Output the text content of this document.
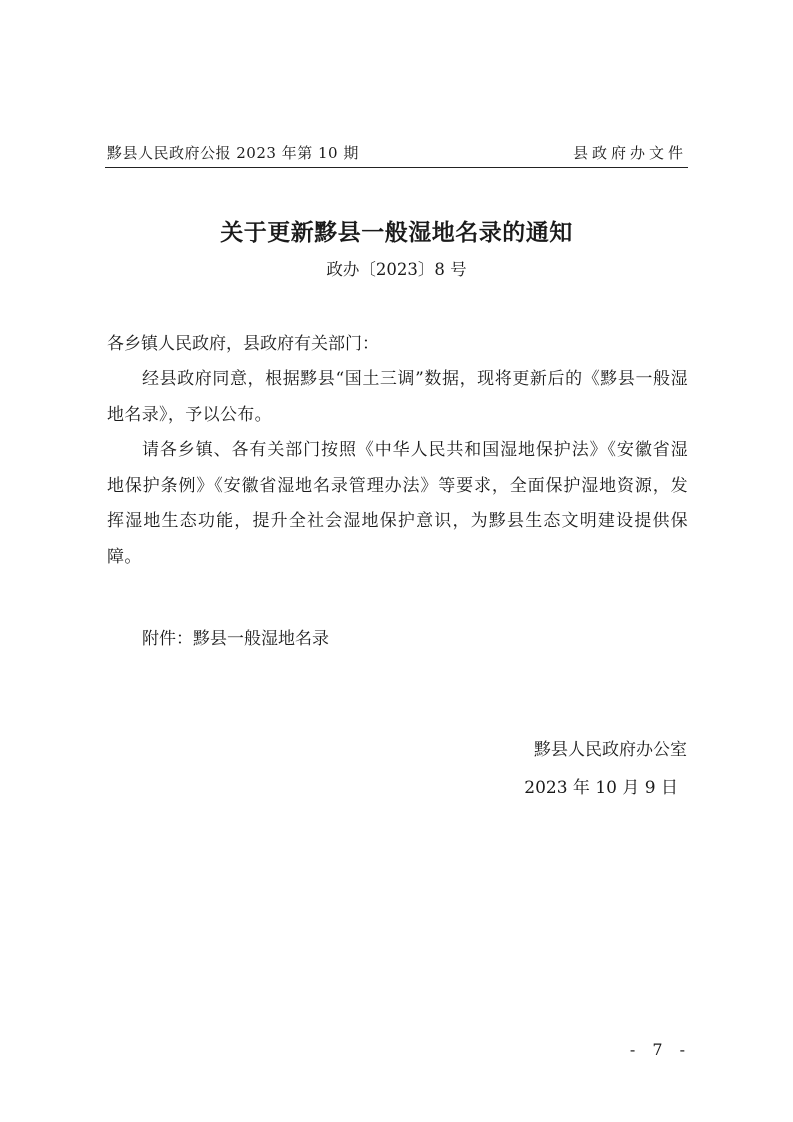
黟县人民政府公报 2023 年第 10 期	县政府办文件
关于更新黟县一般湿地名录的通知
政办〔2023〕8 号
各乡镇人民政府，县政府有关部门：
经县政府同意，根据黟县“国土三调”数据，现将更新后的《黟县一般湿地名录》，予以公布。
请各乡镇、各有关部门按照《中华人民共和国湿地保护法》《安徽省湿地保护条例》《安徽省湿地名录管理办法》等要求，全面保护湿地资源，发挥湿地生态功能，提升全社会湿地保护意识，为黟县生态文明建设提供保障。
附件：黟县一般湿地名录
黟县人民政府办公室
2023 年 10 月 9 日
- 7 -
